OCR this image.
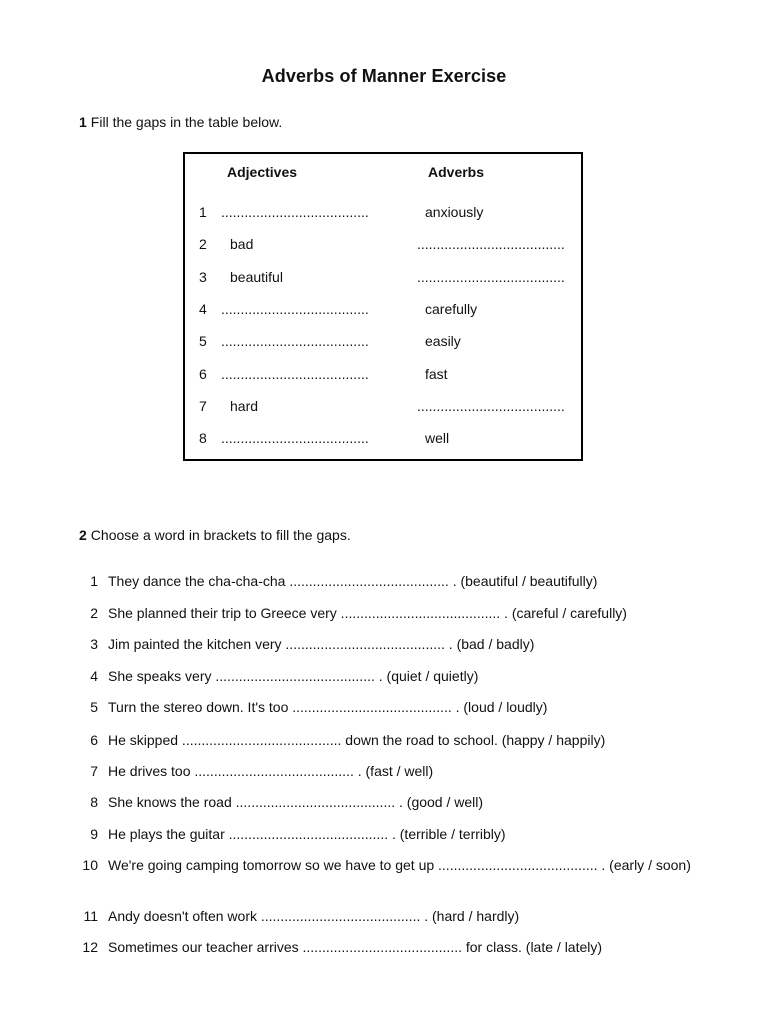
Adverbs of Manner Exercise
1 Fill the gaps in the table below.
Adjectives	Adverbs
1 ......................................	anxiously
2 bad	......................................
3 beautiful	......................................
4 ......................................	carefully
5 ......................................	easily
6 ......................................	fast
7 hard	......................................
8 ......................................	well
2 Choose a word in brackets to fill the gaps.
1 They dance the cha-cha-cha ......................................... . (beautiful / beautifully)
2 She planned their trip to Greece very ......................................... . (careful / carefully)
3 Jim painted the kitchen very ......................................... . (bad / badly)
4 She speaks very ......................................... . (quiet / quietly)
5 Turn the stereo down. It's too ......................................... . (loud / loudly)
6 He skipped ......................................... down the road to school. (happy / happily)
7 He drives too ......................................... . (fast / well)
8 She knows the road ......................................... . (good / well)
9 He plays the guitar ......................................... . (terrible / terribly)
10 We're going camping tomorrow so we have to get up ......................................... . (early / soon)
11 Andy doesn't often work ......................................... . (hard / hardly)
12 Sometimes our teacher arrives ......................................... for class. (late / lately)
